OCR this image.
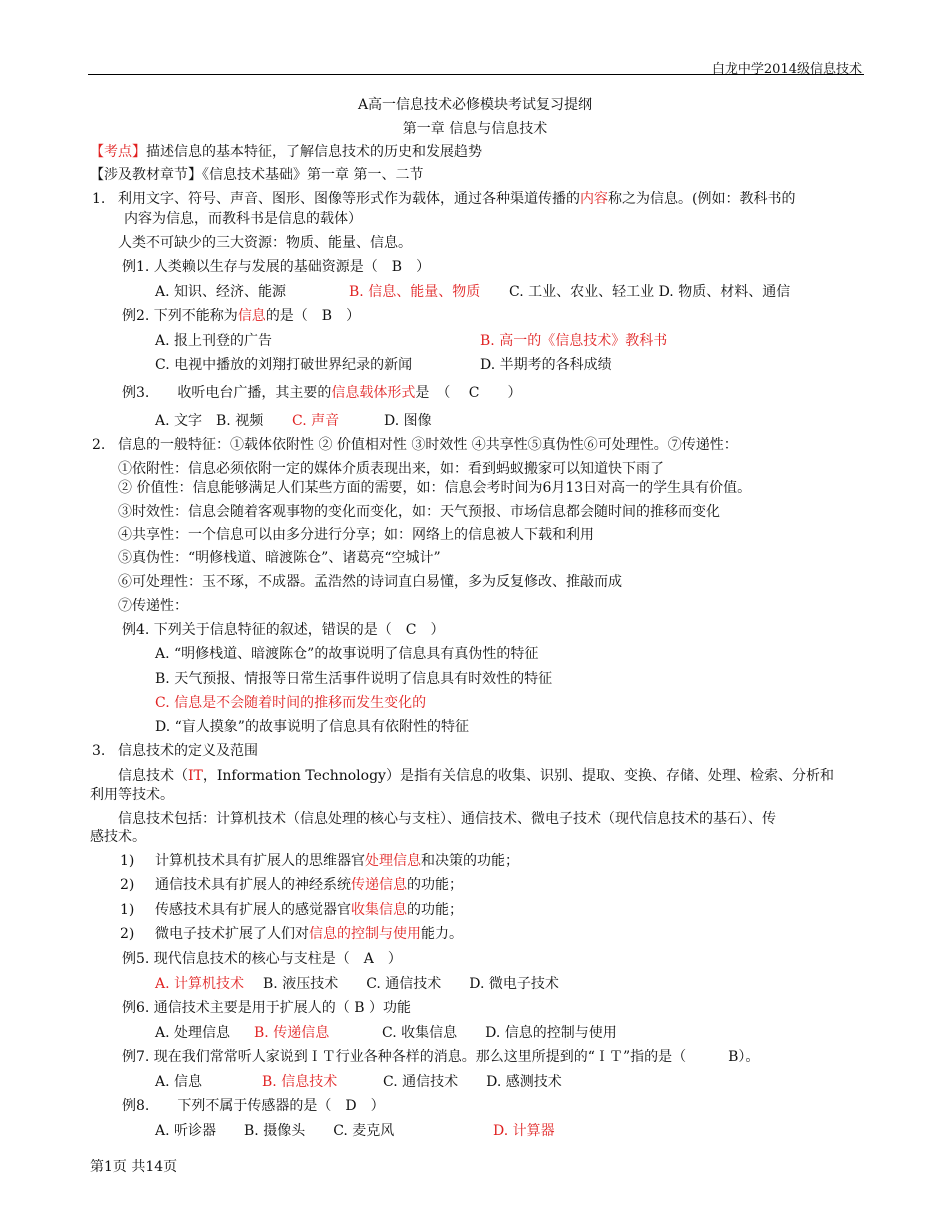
白龙中学2014级信息技术
A高一信息技术必修模块考试复习提纲
第一章 信息与信息技术
【考点】描述信息的基本特征，了解信息技术的历史和发展趋势
【涉及教材章节】《信息技术基础》第一章 第一、二节
1. 利用文字、符号、声音、图形、图像等形式作为载体，通过各种渠道传播的内容称之为信息。(例如：教科书的
内容为信息，而教科书是信息的载体）
人类不可缺少的三大资源：物质、能量、信息。
例1. 人类赖以生存与发展的基础资源是（　B　）
A. 知识、经济、能源	B. 信息、能量、物质 C. 工业、农业、轻工业 D. 物质、材料、通信
例2. 下列不能称为信息的是（　B　）
A. 报上刊登的广告	B. 高一的《信息技术》教科书
C. 电视中播放的刘翔打破世界纪录的新闻	D. 半期考的各科成绩
例3.　　收听电台广播，其主要的信息载体形式是　（　 C　　）
A. 文字　B. 视频 C. 声音	D. 图像
2. 信息的一般特征：①载体依附性 ② 价值相对性 ③时效性 ④共享性⑤真伪性⑥可处理性。⑦传递性：
①依附性：信息必须依附一定的媒体介质表现出来，如：看到蚂蚁搬家可以知道快下雨了
② 价值性：信息能够满足人们某些方面的需要，如：信息会考时间为6月13日对高一的学生具有价值。
③时效性：信息会随着客观事物的变化而变化，如：天气预报、市场信息都会随时间的推移而变化
④共享性：一个信息可以由多分进行分享；如：网络上的信息被人下载和利用
⑤真伪性：“明修栈道、暗渡陈仓”、诸葛亮“空城计”
⑥可处理性：玉不琢，不成器。孟浩然的诗词直白易懂，多为反复修改、推敲而成
⑦传递性：
例4. 下列关于信息特征的叙述，错误的是（　C　）
A. “明修栈道、暗渡陈仓”的故事说明了信息具有真伪性的特征
B. 天气预报、情报等日常生活事件说明了信息具有时效性的特征
C. 信息是不会随着时间的推移而发生变化的
D. “盲人摸象”的故事说明了信息具有依附性的特征
3. 信息技术的定义及范围
信息技术（IT，Information Technology）是指有关信息的收集、识别、提取、变换、存储、处理、检索、分析和
利用等技术。
信息技术包括：计算机技术（信息处理的核心与支柱）、通信技术、微电子技术（现代信息技术的基石）、传
感技术。
1) 计算机技术具有扩展人的思维器官处理信息和决策的功能；
2) 通信技术具有扩展人的神经系统传递信息的功能；
1) 传感技术具有扩展人的感觉器官收集信息的功能；
2) 微电子技术扩展了人们对信息的控制与使用能力。
例5. 现代信息技术的核心与支柱是（　A　）
A. 计算机技术 B. 液压技术　　C. 通信技术　　D. 微电子技术
例6. 通信技术主要是用于扩展人的（ B ）功能
A. 处理信息 B. 传递信息	C. 收集信息　　D. 信息的控制与使用
例7. 现在我们常常听人家说到ＩＴ行业各种各样的消息。那么这里所提到的“ＩＴ”指的是（　　　B）。
A. 信息	B. 信息技术	C. 通信技术　　D. 感测技术
例8.　　下列不属于传感器的是（　D　）
A. 听诊器　　B. 摄像头　　C. 麦克风	D. 计算器
第1页 共14页
